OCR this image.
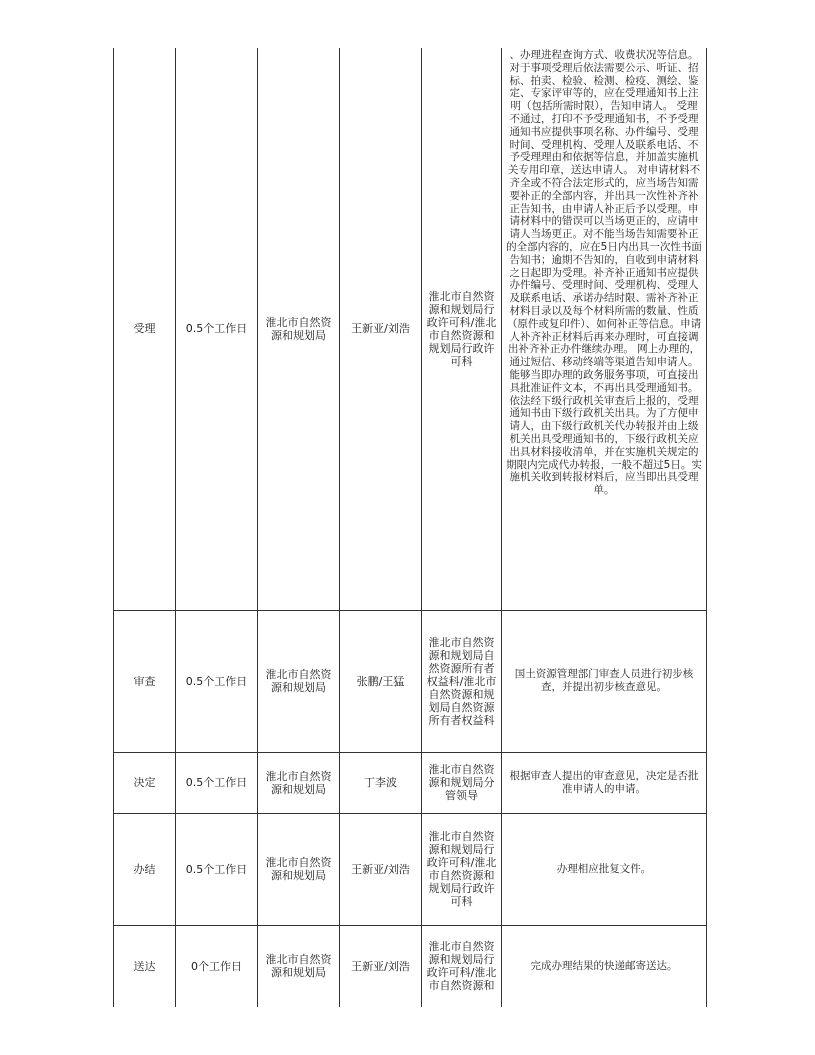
受理	0.5个工作日	淮北市自然资源和规划局	王新亚/刘浩	淮北市自然资源和规划局行政许可科/淮北市自然资源和规划局行政许可科	、办理进程查询方式、收费状况等信息。对于事项受理后依法需要公示、听证、招标、拍卖、检验、检测、检疫、测绘、鉴定、专家评审等的，应在受理通知书上注明（包括所需时限），告知申请人。 受理不通过，打印不予受理通知书，不予受理通知书应提供事项名称、办件编号、受理时间、受理机构、受理人及联系电话、不予受理理由和依据等信息，并加盖实施机关专用印章，送达申请人。 对申请材料不齐全或不符合法定形式的，应当场告知需要补正的全部内容，并出具一次性补齐补正告知书，由申请人补正后予以受理。申请材料中的错误可以当场更正的，应请申请人当场更正。对不能当场告知需要补正的全部内容的，应在5日内出具一次性书面告知书；逾期不告知的，自收到申请材料之日起即为受理。补齐补正通知书应提供办件编号、受理时间、受理机构、受理人及联系电话、承诺办结时限、需补齐补正材料目录以及每个材料所需的数量、性质（原件或复印件）、如何补正等信息。申请人补齐补正材料后再来办理时，可直接调出补齐补正办件继续办理。 网上办理的，通过短信、移动终端等渠道告知申请人。 能够当即办理的政务服务事项，可直接出具批准证件文本，不再出具受理通知书。依法经下级行政机关审查后上报的，受理通知书由下级行政机关出具。为了方便申请人，由下级行政机关代办转报并由上级机关出具受理通知书的，下级行政机关应出具材料接收清单，并在实施机关规定的期限内完成代办转报，一般不超过5日。实施机关收到转报材料后，应当即出具受理单。
审查	0.5个工作日	淮北市自然资源和规划局	张鹏/王猛	淮北市自然资源和规划局自然资源所有者权益科/淮北市自然资源和规划局自然资源所有者权益科	国土资源管理部门审查人员进行初步核查，并提出初步核查意见。
决定	0.5个工作日	淮北市自然资源和规划局	丁李波	淮北市自然资源和规划局分管领导	根据审查人提出的审查意见，决定是否批准申请人的申请。
办结	0.5个工作日	淮北市自然资源和规划局	王新亚/刘浩	淮北市自然资源和规划局行政许可科/淮北市自然资源和规划局行政许可科	办理相应批复文件。
送达	0个工作日	淮北市自然资源和规划局	王新亚/刘浩	淮北市自然资源和规划局行政许可科/淮北市自然资源和	完成办理结果的快递邮寄送达。
